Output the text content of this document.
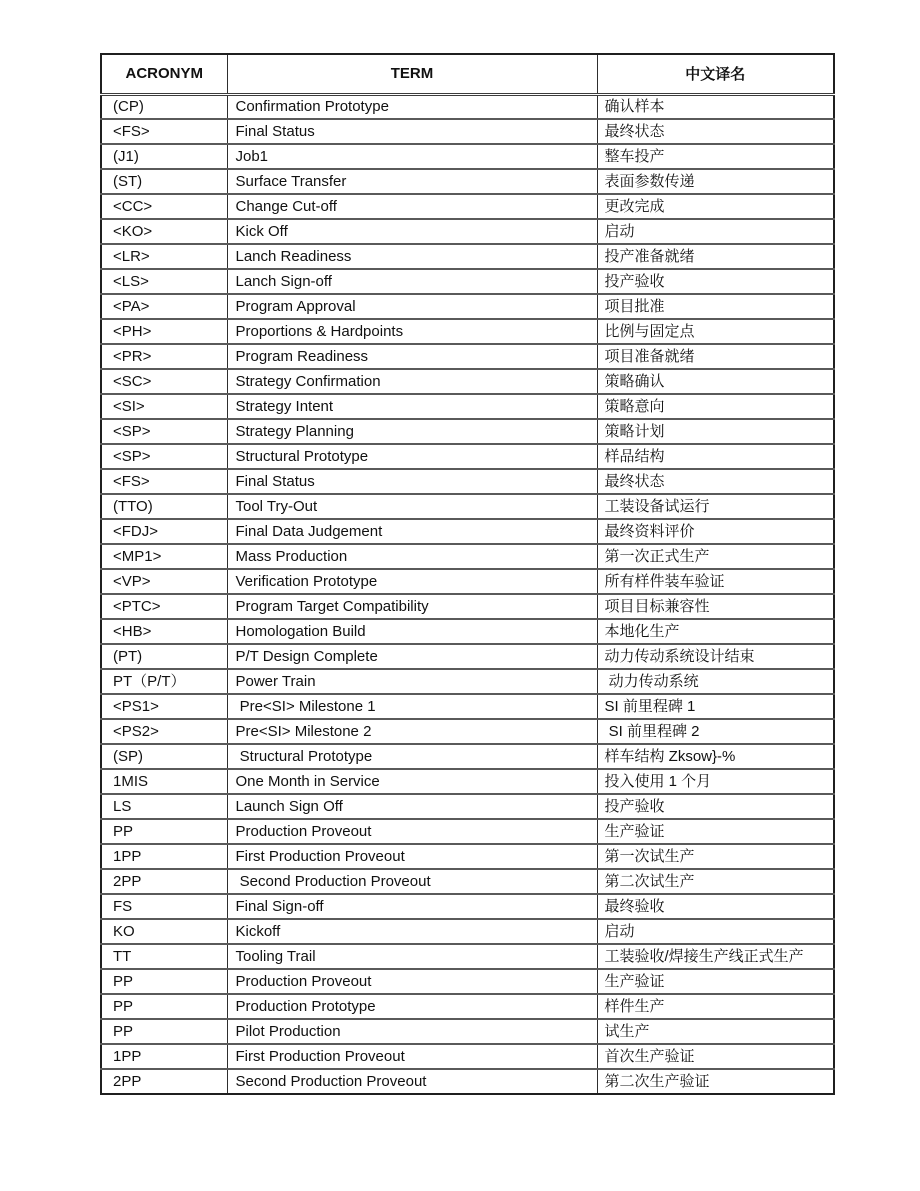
ACRONYM	TERM	中文译名
(CP)	Confirmation Prototype	确认样本
<FS>	Final Status	最终状态
(J1)	Job1	整车投产
(ST)	Surface Transfer	表面参数传递
<CC>	Change Cut-off	更改完成
<KO>	Kick Off	启动
<LR>	Lanch Readiness	投产准备就绪
<LS>	Lanch Sign-off	投产验收
<PA>	Program Approval	项目批准
<PH>	Proportions & Hardpoints	比例与固定点
<PR>	Program Readiness	项目准备就绪
<SC>	Strategy Confirmation	策略确认
<SI>	Strategy Intent	策略意向
<SP>	Strategy Planning	策略计划
<SP>	Structural Prototype	样品结构
<FS>	Final Status	最终状态
(TTO)	Tool Try-Out	工装设备试运行
<FDJ>	Final Data Judgement	最终资料评价
<MP1>	Mass Production	第一次正式生产
<VP>	Verification Prototype	所有样件装车验证
<PTC>	Program Target Compatibility	项目目标兼容性
<HB>	Homologation Build	本地化生产
(PT)	P/T Design Complete	动力传动系统设计结束
PT（P/T）	Power Train	动力传动系统
<PS1>	Pre<SI> Milestone 1	SI 前里程碑 1
<PS2>	Pre<SI> Milestone 2	SI 前里程碑 2
(SP)	Structural Prototype	样车结构 Zksow}-%
1MIS	One Month in Service	投入使用 1 个月
LS	Launch Sign Off	投产验收
PP	Production Proveout	生产验证
1PP	First Production Proveout	第一次试生产
2PP	Second Production Proveout	第二次试生产
FS	Final Sign-off	最终验收
KO	Kickoff	启动
TT	Tooling Trail	工装验收/焊接生产线正式生产
PP	Production Proveout	生产验证
PP	Production Prototype	样件生产
PP	Pilot Production	试生产
1PP	First Production Proveout	首次生产验证
2PP	Second Production Proveout	第二次生产验证
